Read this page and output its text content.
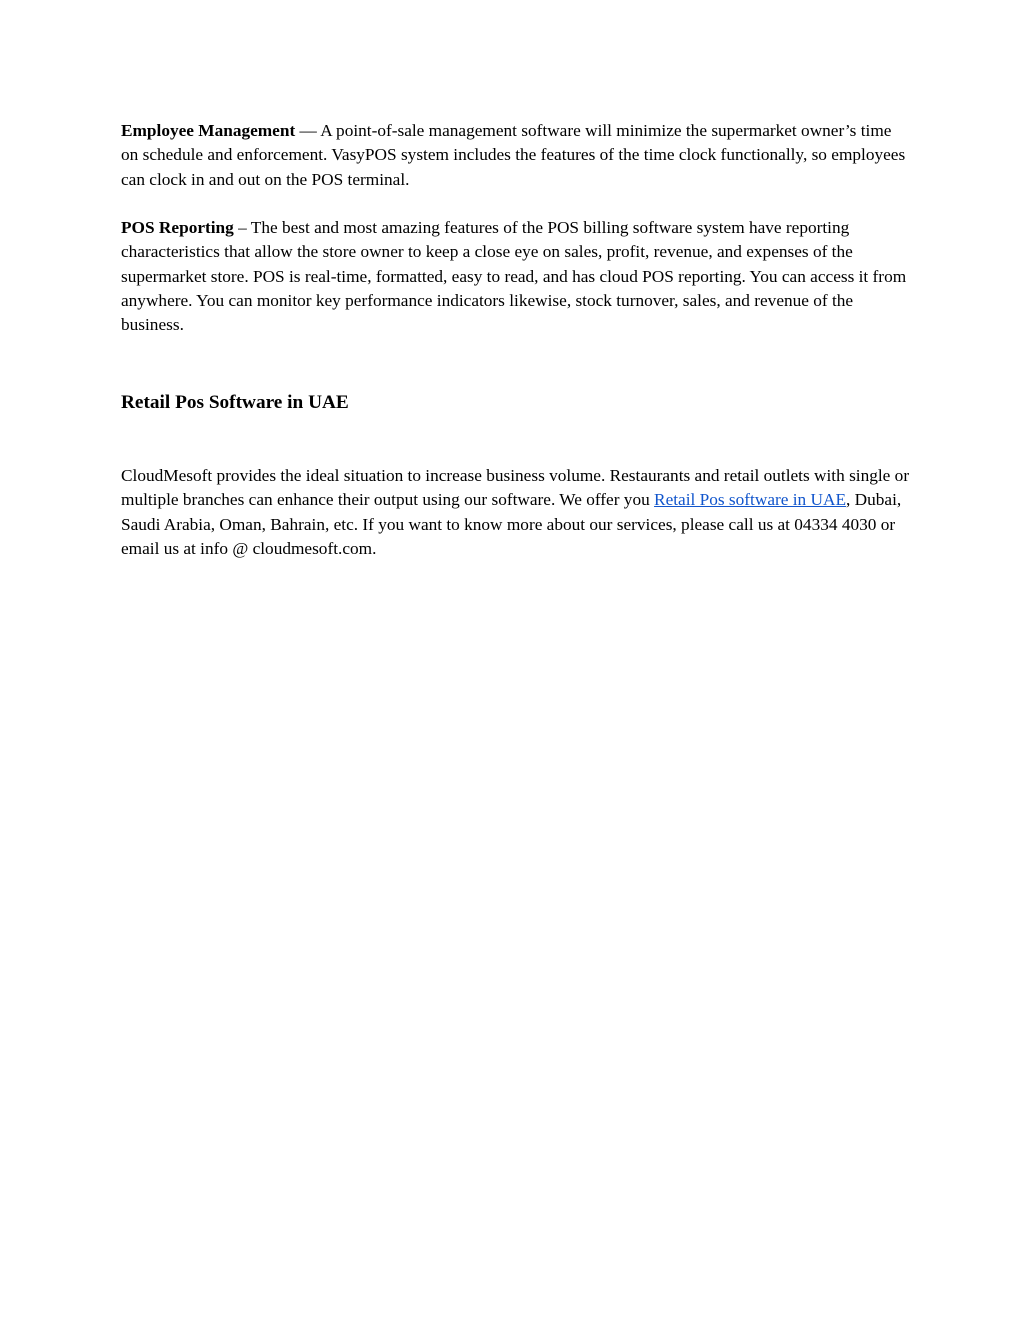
Employee Management — A point-of-sale management software will minimize the supermarket owner’s time on schedule and enforcement. VasyPOS system includes the features of the time clock functionally, so employees can clock in and out on the POS terminal.

POS Reporting – The best and most amazing features of the POS billing software system have reporting characteristics that allow the store owner to keep a close eye on sales, profit, revenue, and expenses of the supermarket store. POS is real-time, formatted, easy to read, and has cloud POS reporting. You can access it from anywhere. You can monitor key performance indicators likewise, stock turnover, sales, and revenue of the business.

Retail Pos Software in UAE

CloudMesoft provides the ideal situation to increase business volume. Restaurants and retail outlets with single or multiple branches can enhance their output using our software. We offer you Retail Pos software in UAE, Dubai, Saudi Arabia, Oman, Bahrain, etc. If you want to know more about our services, please call us at 04334 4030 or email us at info @ cloudmesoft.com.
